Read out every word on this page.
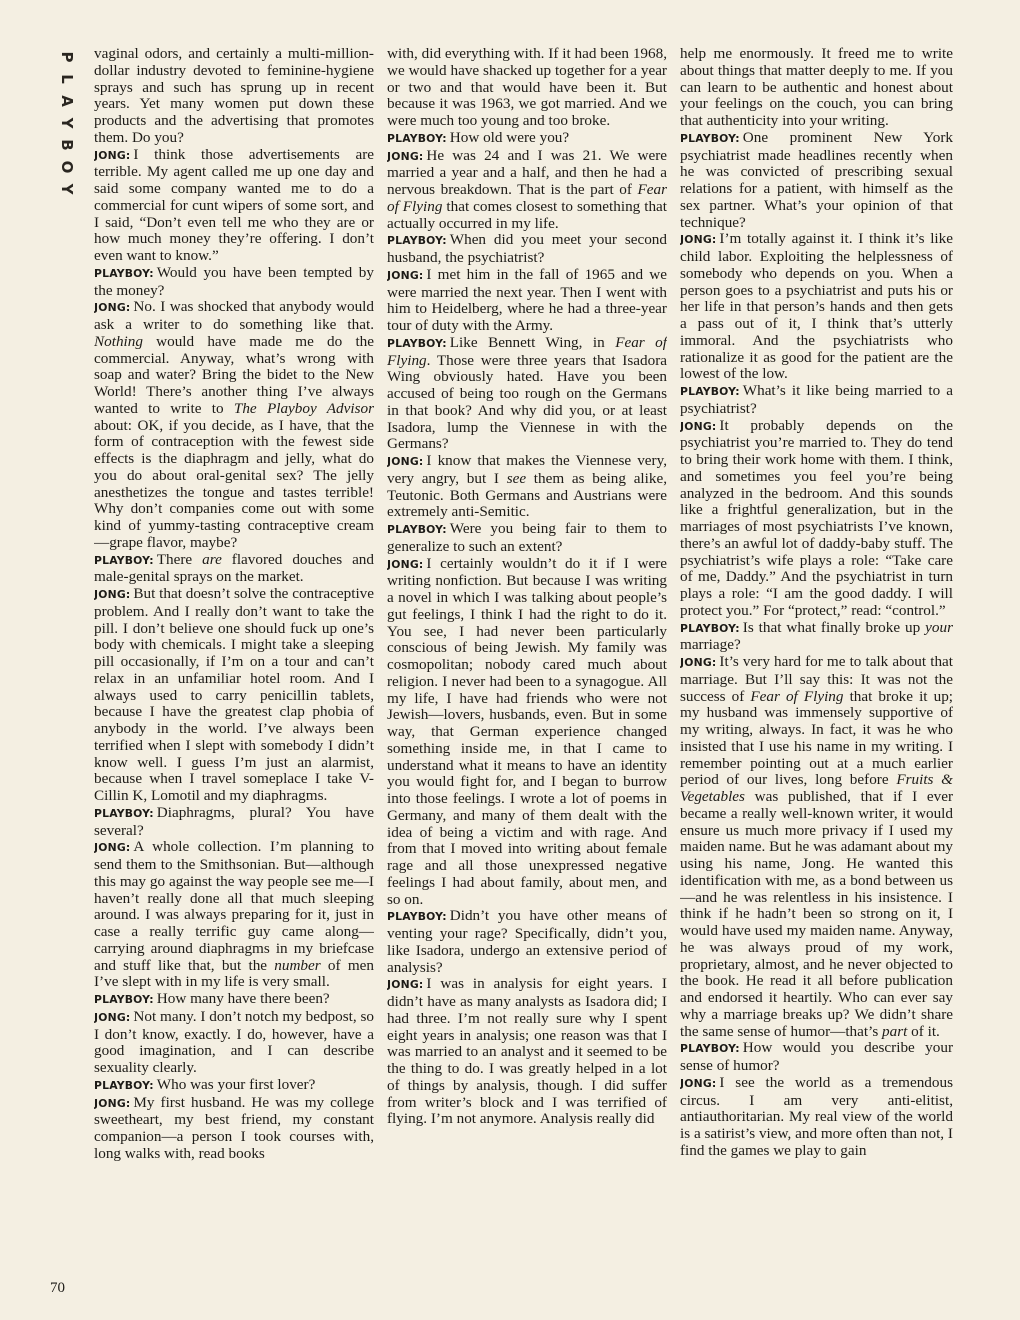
P
L
A
Y
B
O
Y
70

vaginal odors, and certainly a multi-million-dollar industry devoted to feminine-hygiene sprays and such has sprung up in recent years. Yet many women put down these products and the advertising that promotes them. Do you?

JONG: I think those advertisements are terrible. My agent called me up one day and said some company wanted me to do a commercial for cunt wipers of some sort, and I said, “Don’t even tell me who they are or how much money they’re offering. I don’t even want to know.”

PLAYBOY: Would you have been tempted by the money?

JONG: No. I was shocked that anybody would ask a writer to do something like that. Nothing would have made me do the commercial. Anyway, what’s wrong with soap and water? Bring the bidet to the New World! There’s another thing I’ve always wanted to write to The Playboy Advisor about: OK, if you decide, as I have, that the form of contraception with the fewest side effects is the diaphragm and jelly, what do you do about oral-genital sex? The jelly anesthetizes the tongue and tastes terrible! Why don’t companies come out with some kind of yummy-tasting contraceptive cream—grape flavor, maybe?

PLAYBOY: There are flavored douches and male-genital sprays on the market.

JONG: But that doesn’t solve the contraceptive problem. And I really don’t want to take the pill. I don’t believe one should fuck up one’s body with chemicals. I might take a sleeping pill occasionally, if I’m on a tour and can’t relax in an unfamiliar hotel room. And I always used to carry penicillin tablets, because I have the greatest clap phobia of anybody in the world. I’ve always been terrified when I slept with somebody I didn’t know well. I guess I’m just an alarmist, because when I travel someplace I take V-Cillin K, Lomotil and my diaphragms.

PLAYBOY: Diaphragms, plural? You have several?

JONG: A whole collection. I’m planning to send them to the Smithsonian. But—although this may go against the way people see me—I haven’t really done all that much sleeping around. I was always preparing for it, just in case a really terrific guy came along—carrying around diaphragms in my briefcase and stuff like that, but the number of men I’ve slept with in my life is very small.

PLAYBOY: How many have there been?

JONG: Not many. I don’t notch my bedpost, so I don’t know, exactly. I do, however, have a good imagination, and I can describe sexuality clearly.

PLAYBOY: Who was your first lover?

JONG: My first husband. He was my college sweetheart, my best friend, my constant companion—a person I took courses with, long walks with, read books

with, did everything with. If it had been 1968, we would have shacked up together for a year or two and that would have been it. But because it was 1963, we got married. And we were much too young and too broke.

PLAYBOY: How old were you?

JONG: He was 24 and I was 21. We were married a year and a half, and then he had a nervous breakdown. That is the part of Fear of Flying that comes closest to something that actually occurred in my life.

PLAYBOY: When did you meet your second husband, the psychiatrist?

JONG: I met him in the fall of 1965 and we were married the next year. Then I went with him to Heidelberg, where he had a three-year tour of duty with the Army.

PLAYBOY: Like Bennett Wing, in Fear of Flying. Those were three years that Isadora Wing obviously hated. Have you been accused of being too rough on the Germans in that book? And why did you, or at least Isadora, lump the Viennese in with the Germans?

JONG: I know that makes the Viennese very, very angry, but I see them as being alike, Teutonic. Both Germans and Austrians were extremely anti-Semitic.

PLAYBOY: Were you being fair to them to generalize to such an extent?

JONG: I certainly wouldn’t do it if I were writing nonfiction. But because I was writing a novel in which I was talking about people’s gut feelings, I think I had the right to do it. You see, I had never been particularly conscious of being Jewish. My family was cosmopolitan; nobody cared much about religion. I never had been to a synagogue. All my life, I have had friends who were not Jewish—lovers, husbands, even. But in some way, that German experience changed something inside me, in that I came to understand what it means to have an identity you would fight for, and I began to burrow into those feelings. I wrote a lot of poems in Germany, and many of them dealt with the idea of being a victim and with rage. And from that I moved into writing about female rage and all those unexpressed negative feelings I had about family, about men, and so on.

PLAYBOY: Didn’t you have other means of venting your rage? Specifically, didn’t you, like Isadora, undergo an extensive period of analysis?

JONG: I was in analysis for eight years. I didn’t have as many analysts as Isadora did; I had three. I’m not really sure why I spent eight years in analysis; one reason was that I was married to an analyst and it seemed to be the thing to do. I was greatly helped in a lot of things by analysis, though. I did suffer from writer’s block and I was terrified of flying. I’m not anymore. Analysis really did

help me enormously. It freed me to write about things that matter deeply to me. If you can learn to be authentic and honest about your feelings on the couch, you can bring that authenticity into your writing.

PLAYBOY: One prominent New York psychiatrist made headlines recently when he was convicted of prescribing sexual relations for a patient, with himself as the sex partner. What’s your opinion of that technique?

JONG: I’m totally against it. I think it’s like child labor. Exploiting the helplessness of somebody who depends on you. When a person goes to a psychiatrist and puts his or her life in that person’s hands and then gets a pass out of it, I think that’s utterly immoral. And the psychiatrists who rationalize it as good for the patient are the lowest of the low.

PLAYBOY: What’s it like being married to a psychiatrist?

JONG: It probably depends on the psychiatrist you’re married to. They do tend to bring their work home with them. I think, and sometimes you feel you’re being analyzed in the bedroom. And this sounds like a frightful generalization, but in the marriages of most psychiatrists I’ve known, there’s an awful lot of daddy-baby stuff. The psychiatrist’s wife plays a role: “Take care of me, Daddy.” And the psychiatrist in turn plays a role: “I am the good daddy. I will protect you.” For “protect,” read: “control.”

PLAYBOY: Is that what finally broke up your marriage?

JONG: It’s very hard for me to talk about that marriage. But I’ll say this: It was not the success of Fear of Flying that broke it up; my husband was immensely supportive of my writing, always. In fact, it was he who insisted that I use his name in my writing. I remember pointing out at a much earlier period of our lives, long before Fruits & Vegetables was published, that if I ever became a really well-known writer, it would ensure us much more privacy if I used my maiden name. But he was adamant about my using his name, Jong. He wanted this identification with me, as a bond between us—and he was relentless in his insistence. I think if he hadn’t been so strong on it, I would have used my maiden name. Anyway, he was always proud of my work, proprietary, almost, and he never objected to the book. He read it all before publication and endorsed it heartily. Who can ever say why a marriage breaks up? We didn’t share the same sense of humor—that’s part of it.

PLAYBOY: How would you describe your sense of humor?

JONG: I see the world as a tremendous circus. I am very anti-elitist, antiauthoritarian. My real view of the world is a satirist’s view, and more often than not, I find the games we play to gain
